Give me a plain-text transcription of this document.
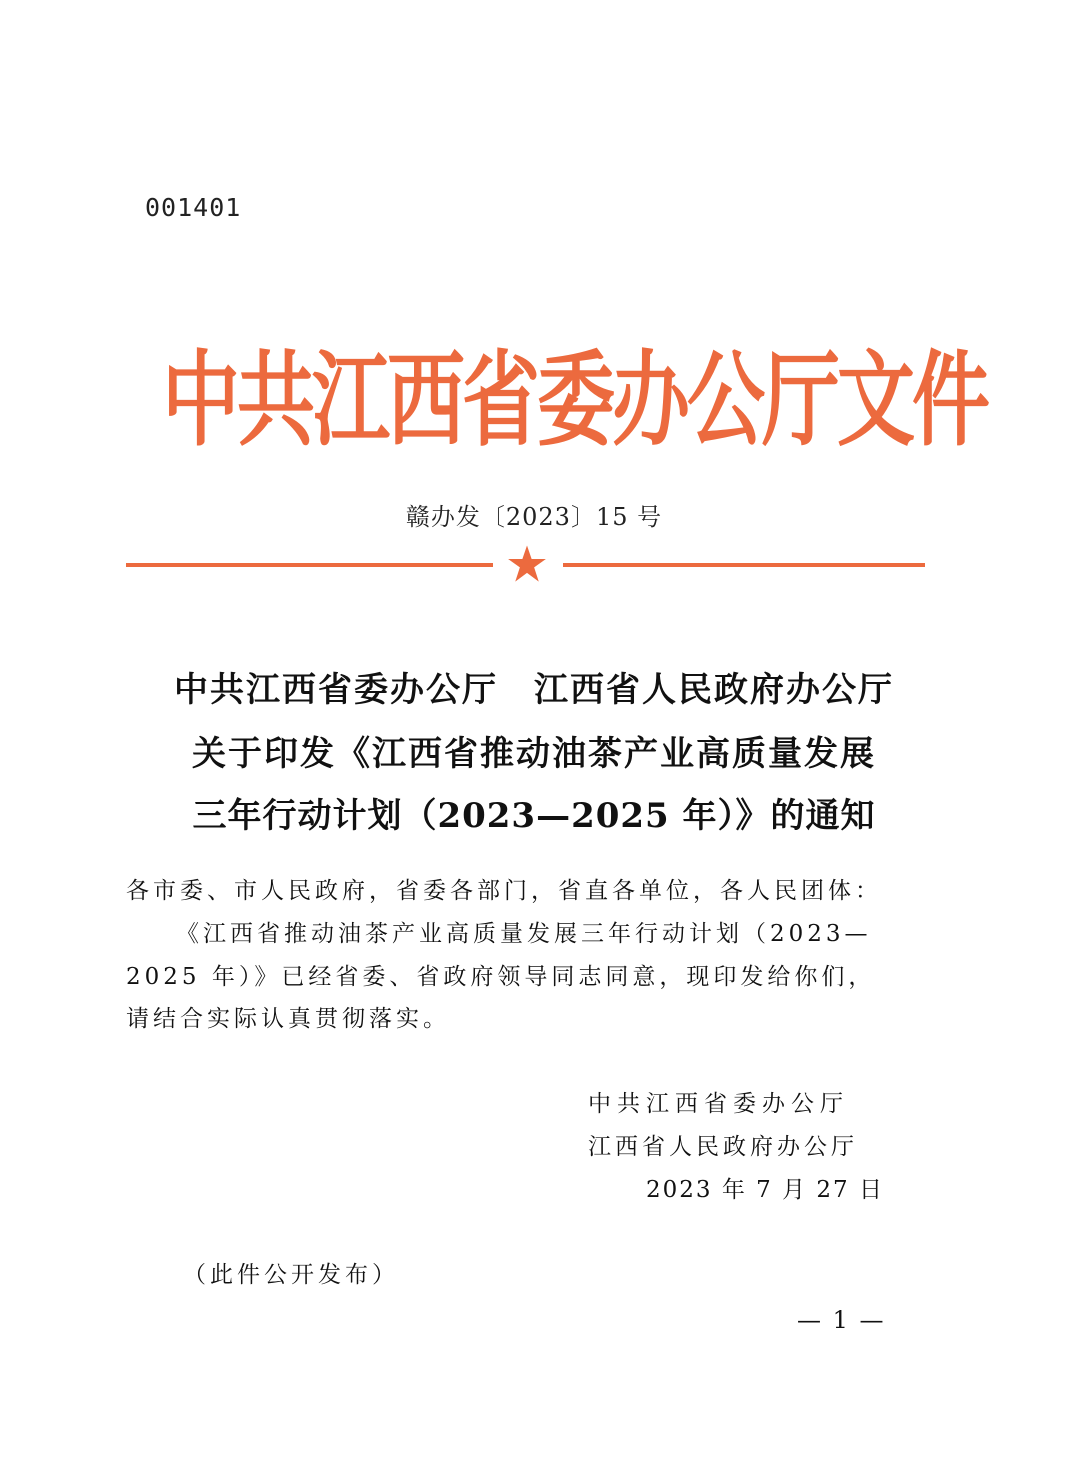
001401
中共江西省委办公厅文件
赣办发〔2023〕15 号
中共江西省委办公厅　江西省人民政府办公厅
关于印发《江西省推动油茶产业高质量发展
三年行动计划（2023—2025 年）》的通知
各市委、市人民政府，省委各部门，省直各单位，各人民团体：
《江西省推动油茶产业高质量发展三年行动计划（2023—
2025 年）》已经省委、省政府领导同志同意，现印发给你们，
请结合实际认真贯彻落实。
中共江西省委办公厅
江西省人民政府办公厅
2023 年 7 月 27 日
（此件公开发布）
— 1 —
